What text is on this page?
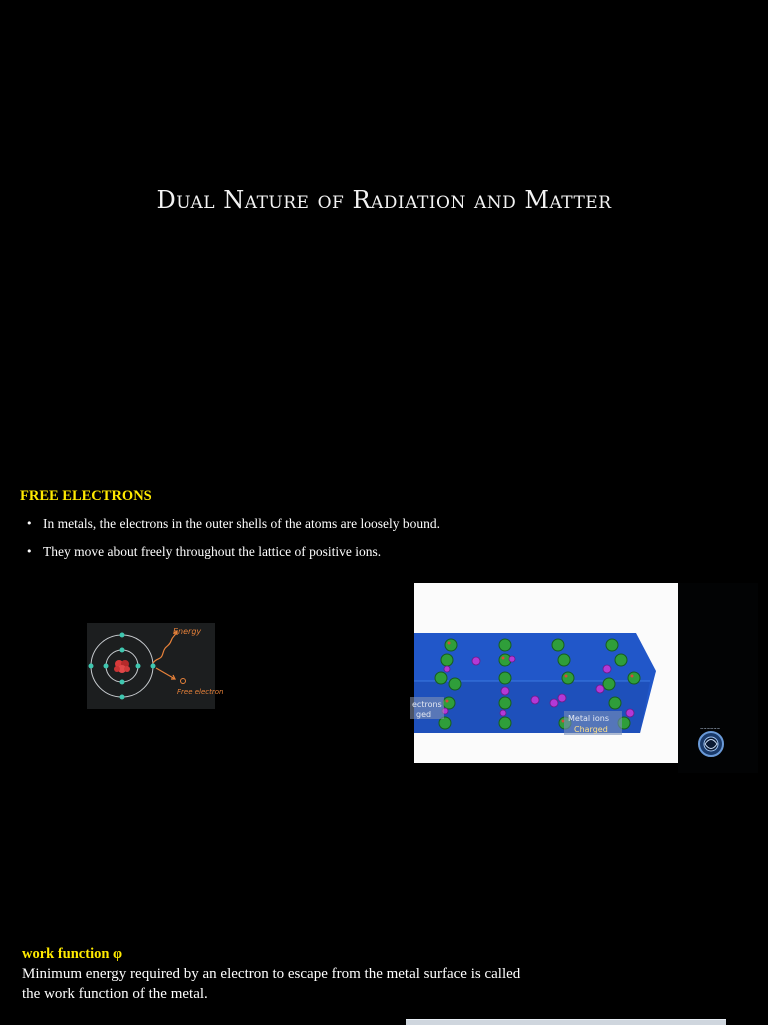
Dual Nature of Radiation and Matter
FREE ELECTRONS
• In metals, the electrons in the outer shells of the atoms are loosely bound.
• They move about freely throughout the lattice of positive ions.
Energy
Free electron
ectrons
ged	Metal ions
Charged	~~~~~~
work function φ
Minimum energy required by an electron to escape from the metal surface is called the work function of the metal.
